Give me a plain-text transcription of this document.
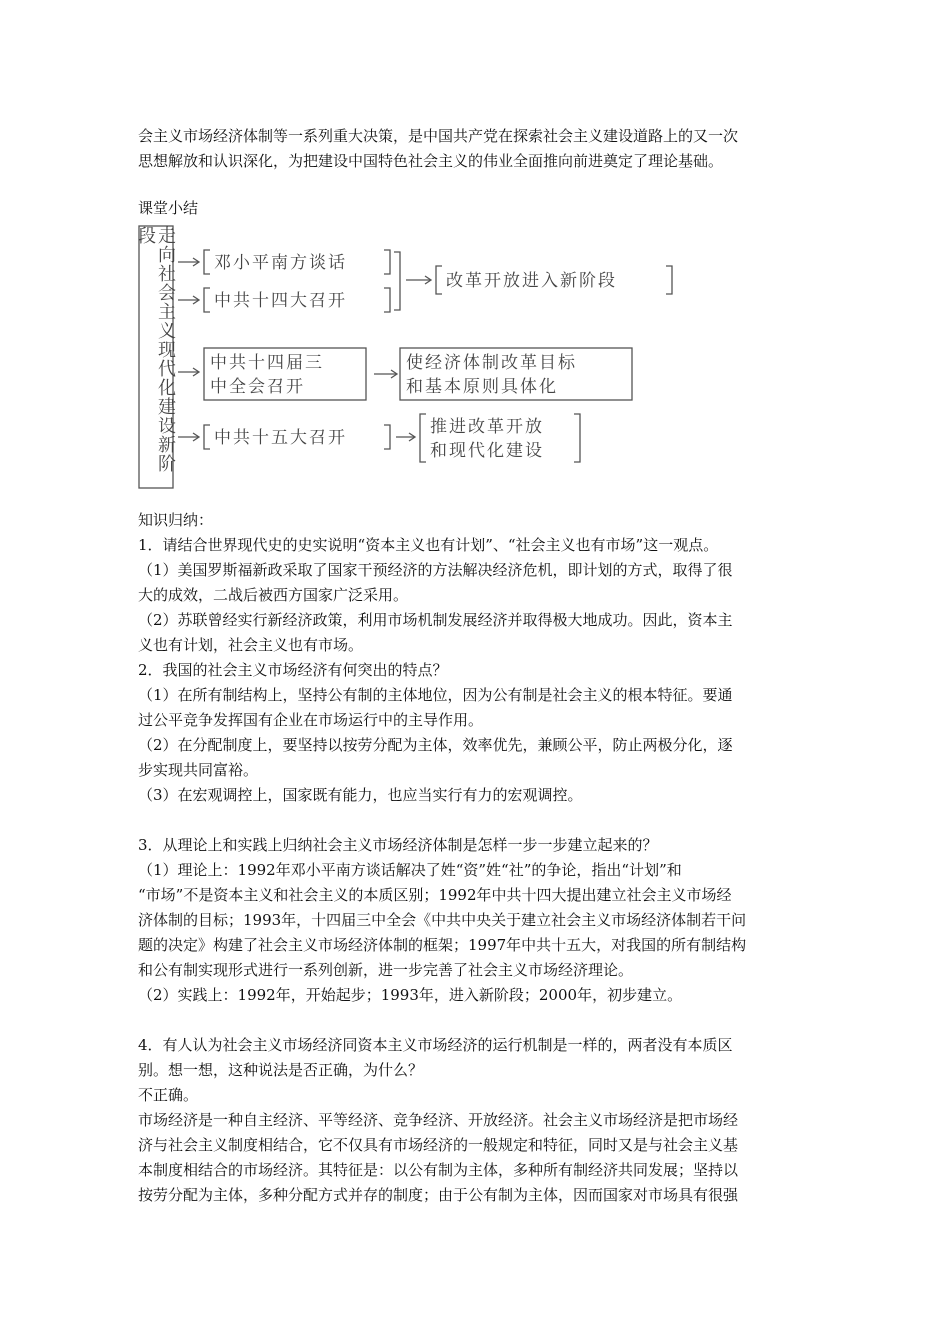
会主义市场经济体制等一系列重大决策，是中国共产党在探索社会主义建设道路上的又一次

思想解放和认识深化，为把建设中国特色社会主义的伟业全面推向前进奠定了理论基础。

课堂小结

邓小平南方谈话
中共十四大召开
改革开放进入新阶段
中共十四届三
中全会召开
使经济体制改革目标
和基本原则具体化
中共十五大召开
推进改革开放
和现代化建设
走向社会主义现代化建设新阶段

知识归纳：

1．请结合世界现代史的史实说明“资本主义也有计划”、“社会主义也有市场”这一观点。

（1）美国罗斯福新政采取了国家干预经济的方法解决经济危机，即计划的方式，取得了很

大的成效，二战后被西方国家广泛采用。

（2）苏联曾经实行新经济政策，利用市场机制发展经济并取得极大地成功。因此，资本主

义也有计划，社会主义也有市场。

2．我国的社会主义市场经济有何突出的特点？

（1）在所有制结构上，坚持公有制的主体地位，因为公有制是社会主义的根本特征。要通

过公平竞争发挥国有企业在市场运行中的主导作用。

（2）在分配制度上，要坚持以按劳分配为主体，效率优先，兼顾公平，防止两极分化，逐

步实现共同富裕。

（3）在宏观调控上，国家既有能力，也应当实行有力的宏观调控。

3．从理论上和实践上归纳社会主义市场经济体制是怎样一步一步建立起来的？

（1）理论上：1992年邓小平南方谈话解决了姓“资”姓“社”的争论，指出“计划”和

“市场”不是资本主义和社会主义的本质区别；1992年中共十四大提出建立社会主义市场经

济体制的目标；1993年，十四届三中全会《中共中央关于建立社会主义市场经济体制若干问

题的决定》构建了社会主义市场经济体制的框架；1997年中共十五大，对我国的所有制结构

和公有制实现形式进行一系列创新，进一步完善了社会主义市场经济理论。

（2）实践上：1992年，开始起步；1993年，进入新阶段；2000年，初步建立。

4．有人认为社会主义市场经济同资本主义市场经济的运行机制是一样的，两者没有本质区

别。想一想，这种说法是否正确，为什么？

不正确。

市场经济是一种自主经济、平等经济、竞争经济、开放经济。社会主义市场经济是把市场经

济与社会主义制度相结合，它不仅具有市场经济的一般规定和特征，同时又是与社会主义基

本制度相结合的市场经济。其特征是：以公有制为主体，多种所有制经济共同发展；坚持以

按劳分配为主体，多种分配方式并存的制度；由于公有制为主体，因而国家对市场具有很强
